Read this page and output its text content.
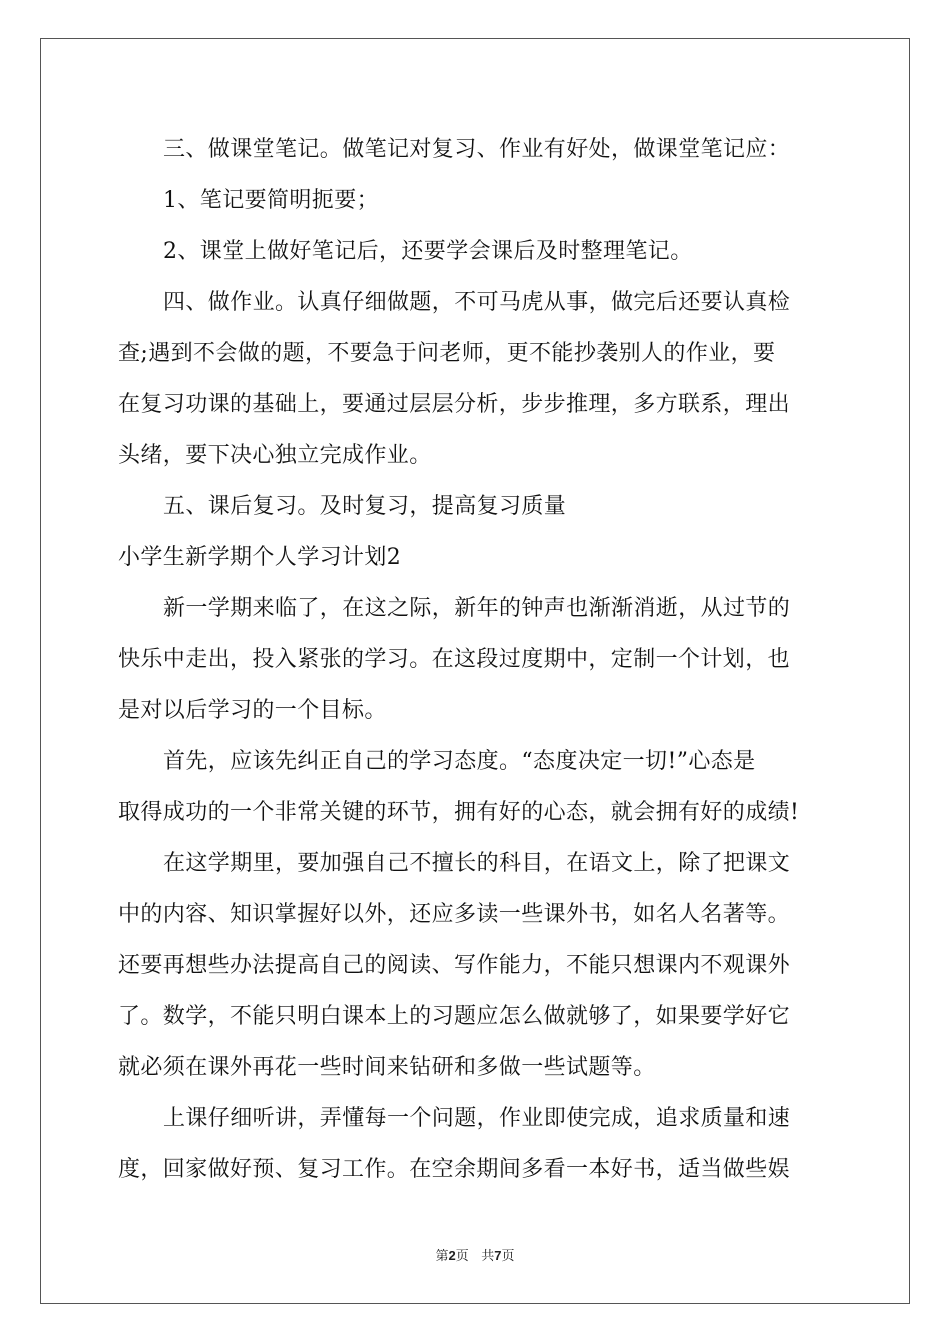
三、做课堂笔记。做笔记对复习、作业有好处，做课堂笔记应：
1、笔记要简明扼要；
2、课堂上做好笔记后，还要学会课后及时整理笔记。
四、做作业。认真仔细做题，不可马虎从事，做完后还要认真检
查;遇到不会做的题，不要急于问老师，更不能抄袭别人的作业，要
在复习功课的基础上，要通过层层分析，步步推理，多方联系，理出
头绪，要下决心独立完成作业。
五、课后复习。及时复习，提高复习质量
小学生新学期个人学习计划2
新一学期来临了，在这之际，新年的钟声也渐渐消逝，从过节的
快乐中走出，投入紧张的学习。在这段过度期中，定制一个计划，也
是对以后学习的一个目标。
首先，应该先纠正自己的学习态度。“态度决定一切!”心态是
取得成功的一个非常关键的环节，拥有好的心态，就会拥有好的成绩!
在这学期里，要加强自己不擅长的科目，在语文上，除了把课文
中的内容、知识掌握好以外，还应多读一些课外书，如名人名著等。
还要再想些办法提高自己的阅读、写作能力，不能只想课内不观课外
了。数学，不能只明白课本上的习题应怎么做就够了，如果要学好它
就必须在课外再花一些时间来钻研和多做一些试题等。
上课仔细听讲，弄懂每一个问题，作业即使完成，追求质量和速
度，回家做好预、复习工作。在空余期间多看一本好书，适当做些娱
第2页 共7页
